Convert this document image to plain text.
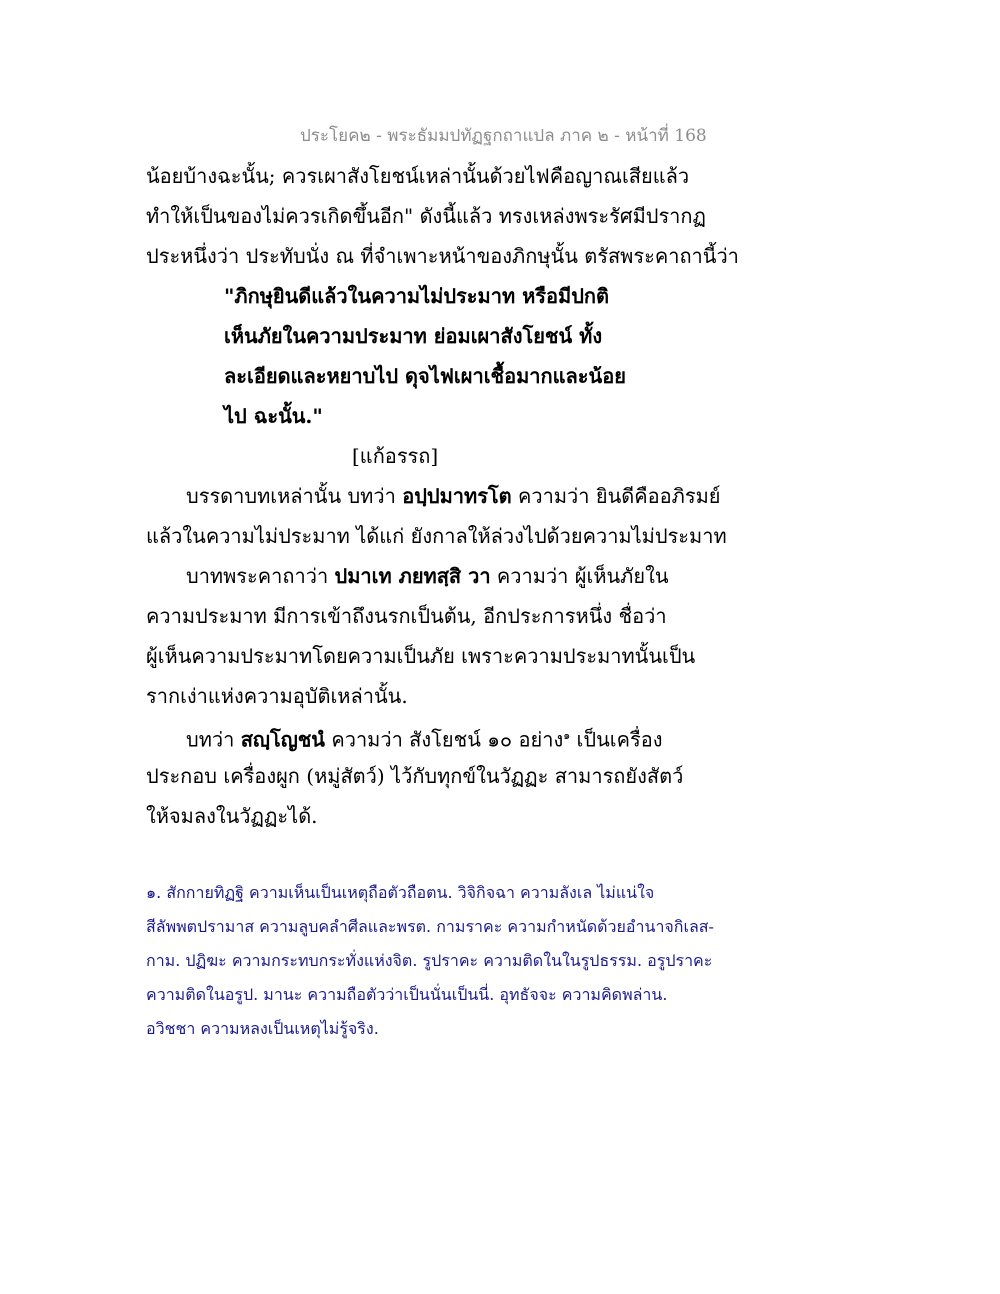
ประโยค๒ - พระธัมมปทัฏฐกถาแปล ภาค ๒ - หน้าที่ 168
น้อยบ้างฉะนั้น; ควรเผาสังโยชน์เหล่านั้นด้วยไฟคือญาณเสียแล้ว
ทำให้เป็นของไม่ควรเกิดขึ้นอีก" ดังนี้แล้ว ทรงเหล่งพระรัศมีปรากฏ
ประหนึ่งว่า ประทับนั่ง ณ ที่จำเพาะหน้าของภิกษุนั้น ตรัสพระคาถานี้ว่า
"ภิกษุยินดีแล้วในความไม่ประมาท หรือมีปกติ
เห็นภัยในความประมาท ย่อมเผาสังโยชน์ ทั้ง
ละเอียดและหยาบไป ดุจไฟเผาเชื้อมากและน้อย
ไป ฉะนั้น."
[แก้อรรถ]
บรรดาบทเหล่านั้น บทว่า อปฺปมาทรโต ความว่า ยินดีคืออภิรมย์
แล้วในความไม่ประมาท ได้แก่ ยังกาลให้ล่วงไปด้วยความไม่ประมาท
บาทพระคาถาว่า ปมาเท ภยทสฺสิ วา ความว่า ผู้เห็นภัยใน
ความประมาท มีการเข้าถึงนรกเป็นต้น, อีกประการหนึ่ง ชื่อว่า
ผู้เห็นความประมาทโดยความเป็นภัย เพราะความประมาทนั้นเป็น
รากเง่าแห่งความอุบัติเหล่านั้น.
บทว่า สญฺโญชนํ ความว่า สังโยชน์ ๑๐ อย่าง$^๑$ เป็นเครื่อง
ประกอบ เครื่องผูก (หมู่สัตว์) ไว้กับทุกข์ในวัฏฏะ สามารถยังสัตว์
ให้จมลงในวัฏฏะได้.
๑. สักกายทิฏฐิ ความเห็นเป็นเหตุถือตัวถือตน. วิจิกิจฉา ความลังเล ไม่แน่ใจ
สีลัพพตปรามาส ความลูบคลำศีลและพรต. กามราคะ ความกำหนัดด้วยอำนาจกิเลส-
กาม. ปฏิฆะ ความกระทบกระทั่งแห่งจิต. รูปราคะ ความติดในในรูปธรรม. อรูปราคะ
ความติดในอรูป. มานะ ความถือตัวว่าเป็นนั่นเป็นนี่. อุทธัจจะ ความคิดพล่าน.
อวิชชา ความหลงเป็นเหตุไม่รู้จริง.
